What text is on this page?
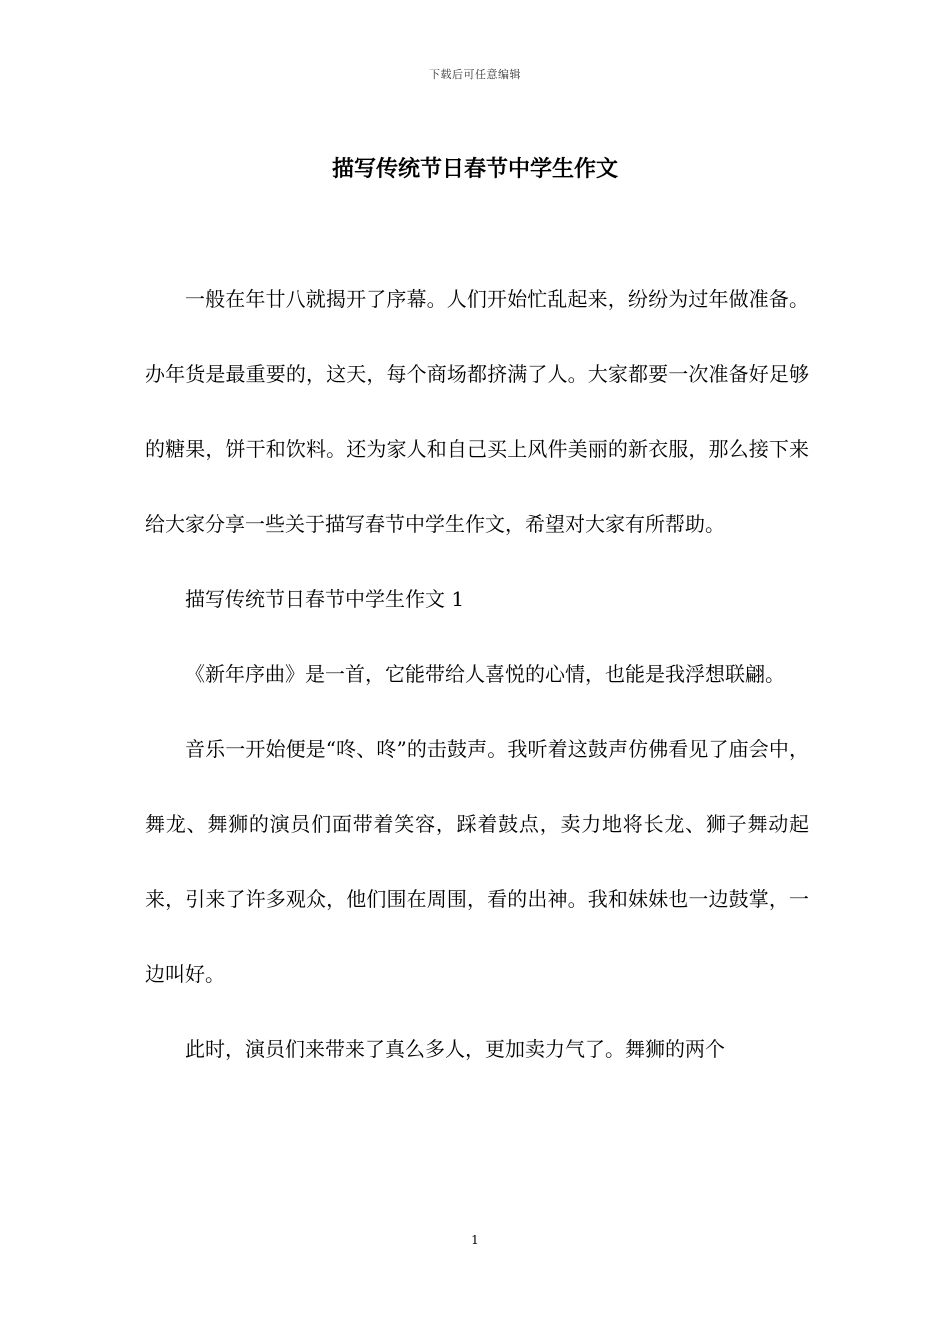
下载后可任意编辑
描写传统节日春节中学生作文

一般在年廿八就揭开了序幕。人们开始忙乱起来，纷纷为过年做准备。办年货是最重要的，这天，每个商场都挤满了人。大家都要一次准备好足够的糖果，饼干和饮料。还为家人和自己买上风件美丽的新衣服，那么接下来给大家分享一些关于描写春节中学生作文，希望对大家有所帮助。

描写传统节日春节中学生作文 1

《新年序曲》是一首，它能带给人喜悦的心情，也能是我浮想联翩。

音乐一开始便是“咚、咚”的击鼓声。我听着这鼓声仿佛看见了庙会中，舞龙、舞狮的演员们面带着笑容，踩着鼓点，卖力地将长龙、狮子舞动起来，引来了许多观众，他们围在周围，看的出神。我和妹妹也一边鼓掌，一边叫好。

此时，演员们来带来了真么多人，更加卖力气了。舞狮的两个

1
